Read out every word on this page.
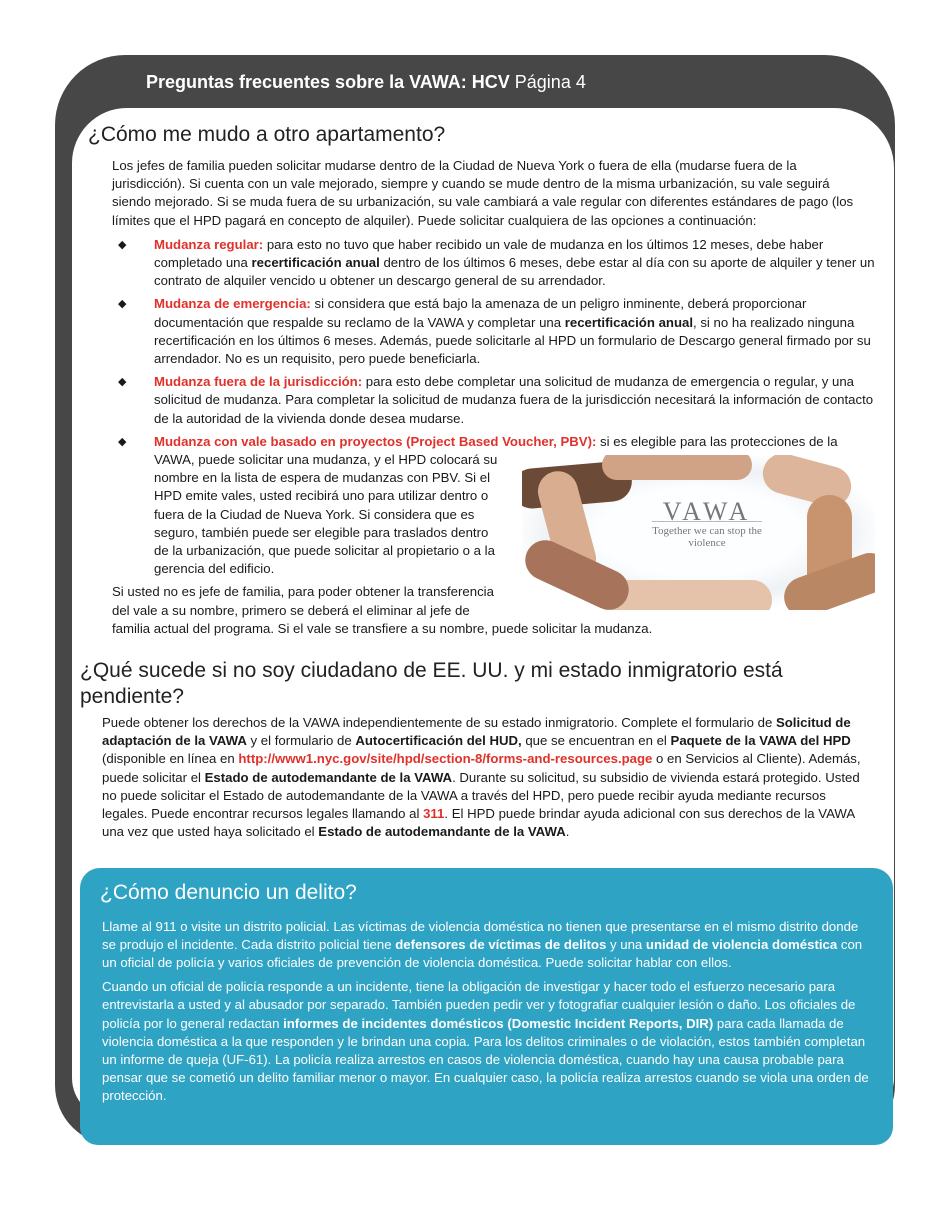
Preguntas frecuentes sobre la VAWA: HCV Página 4
¿Cómo me mudo a otro apartamento?
Los jefes de familia pueden solicitar mudarse dentro de la Ciudad de Nueva York o fuera de ella (mudarse fuera de la jurisdicción). Si cuenta con un vale mejorado, siempre y cuando se mude dentro de la misma urbanización, su vale seguirá siendo mejorado. Si se muda fuera de su urbanización, su vale cambiará a vale regular con diferentes estándares de pago (los límites que el HPD pagará en concepto de alquiler). Puede solicitar cualquiera de las opciones a continuación:
◆ Mudanza regular: para esto no tuvo que haber recibido un vale de mudanza en los últimos 12 meses, debe haber completado una recertificación anual dentro de los últimos 6 meses, debe estar al día con su aporte de alquiler y tener un contrato de alquiler vencido u obtener un descargo general de su arrendador.
◆ Mudanza de emergencia: si considera que está bajo la amenaza de un peligro inminente, deberá proporcionar documentación que respalde su reclamo de la VAWA y completar una recertificación anual, si no ha realizado ninguna recertificación en los últimos 6 meses. Además, puede solicitarle al HPD un formulario de Descargo general firmado por su arrendador. No es un requisito, pero puede beneficiarla.
◆ Mudanza fuera de la jurisdicción: para esto debe completar una solicitud de mudanza de emergencia o regular, y una solicitud de mudanza. Para completar la solicitud de mudanza fuera de la jurisdicción necesitará la información de contacto de la autoridad de la vivienda donde desea mudarse.
◆
VAWA
Together we can stop the violence
Mudanza con vale basado en proyectos (Project Based Voucher, PBV): si es elegible para las protecciones de la VAWA, puede solicitar una mudanza, y el HPD colocará su nombre en la lista de espera de mudanzas con PBV. Si el HPD emite vales, usted recibirá uno para utilizar dentro o fuera de la Ciudad de Nueva York. Si considera que es seguro, también puede ser elegible para traslados dentro de la urbanización, que puede solicitar al propietario o a la gerencia del edificio.
Si usted no es jefe de familia, para poder obtener la transferencia del vale a su nombre, primero se deberá el eliminar al jefe de familia actual del programa. Si el vale se transfiere a su nombre, puede solicitar la mudanza.
¿Qué sucede si no soy ciudadano de EE. UU. y mi estado inmigratorio está pendiente?
Puede obtener los derechos de la VAWA independientemente de su estado inmigratorio. Complete el formulario de Solicitud de adaptación de la VAWA y el formulario de Autocertificación del HUD, que se encuentran en el Paquete de la VAWA del HPD (disponible en línea en http://www1.nyc.gov/site/hpd/section-8/forms-and-resources.page o en Servicios al Cliente). Además, puede solicitar el Estado de autodemandante de la VAWA. Durante su solicitud, su subsidio de vivienda estará protegido. Usted no puede solicitar el Estado de autodemandante de la VAWA a través del HPD, pero puede recibir ayuda mediante recursos legales. Puede encontrar recursos legales llamando al 311. El HPD puede brindar ayuda adicional con sus derechos de la VAWA una vez que usted haya solicitado el Estado de autodemandante de la VAWA.
¿Cómo denuncio un delito?
Llame al 911 o visite un distrito policial. Las víctimas de violencia doméstica no tienen que presentarse en el mismo distrito donde se produjo el incidente. Cada distrito policial tiene defensores de víctimas de delitos y una unidad de violencia doméstica con un oficial de policía y varios oficiales de prevención de violencia doméstica. Puede solicitar hablar con ellos.
Cuando un oficial de policía responde a un incidente, tiene la obligación de investigar y hacer todo el esfuerzo necesario para entrevistarla a usted y al abusador por separado. También pueden pedir ver y fotografiar cualquier lesión o daño. Los oficiales de policía por lo general redactan informes de incidentes domésticos (Domestic Incident Reports, DIR) para cada llamada de violencia doméstica a la que responden y le brindan una copia. Para los delitos criminales o de violación, estos también completan un informe de queja (UF-61). La policía realiza arrestos en casos de violencia doméstica, cuando hay una causa probable para pensar que se cometió un delito familiar menor o mayor. En cualquier caso, la policía realiza arrestos cuando se viola una orden de protección.
